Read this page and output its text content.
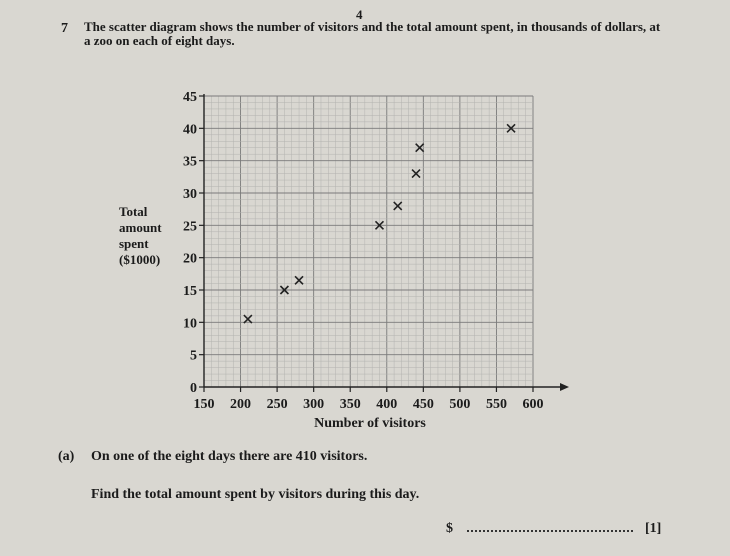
4
7 The scatter diagram shows the number of visitors and the total amount spent, in thousands of dollars, at a zoo on each of eight days.
Total
amount
spent
($1000)
150 200 250 300 350 400 450 500 550 600
0
5
10
15
20
25
30
35
40
45
Number of visitors
(a) On one of the eight days there are 410 visitors.
Find the total amount spent by visitors during this day.
$	[1]
